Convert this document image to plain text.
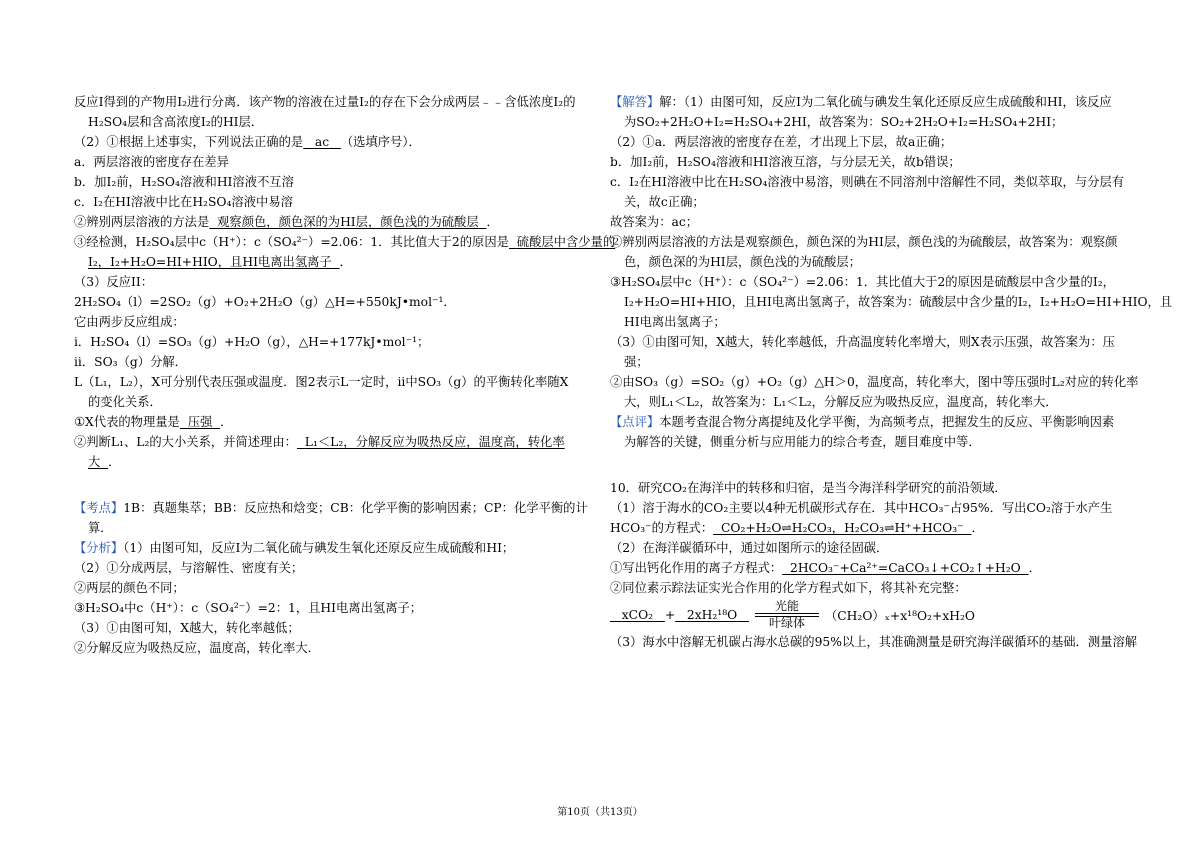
反应I得到的产物用I₂进行分离．该产物的溶液在过量I₂的存在下会分成两层﹣﹣含低浓度I₂的
H₂SO₄层和含高浓度I₂的HI层．
（2）①根据上述事实，下列说法正确的是 ac （选填序号）．
a．两层溶液的密度存在差异
b．加I₂前，H₂SO₄溶液和HI溶液不互溶
c．I₂在HI溶液中比在H₂SO₄溶液中易溶
②辨别两层溶液的方法是 观察颜色，颜色深的为HI层，颜色浅的为硫酸层 ．
③经检测，H₂SO₄层中c（H⁺）：c（SO₄²⁻）=2.06：1．其比值大于2的原因是 硫酸层中含少量的
I₂，I₂+H₂O=HI+HIO，且HI电离出氢离子 ．
（3）反应II：
2H₂SO₄（l）=2SO₂（g）+O₂+2H₂O（g）△H=+550kJ•mol⁻¹．
它由两步反应组成：
i．H₂SO₄（l）=SO₃（g）+H₂O（g），△H=+177kJ•mol⁻¹；
ii．SO₃（g）分解．
L（L₁，L₂），X可分别代表压强或温度．图2表示L一定时，ii中SO₃（g）的平衡转化率随X
的变化关系．
①X代表的物理量是 压强 ．
②判断L₁、L₂的大小关系，并简述理由： L₁＜L₂，分解反应为吸热反应，温度高，转化率
大 ．
【考点】1B：真题集萃；BB：反应热和焓变；CB：化学平衡的影响因素；CP：化学平衡的计
算．
【分析】（1）由图可知，反应I为二氧化硫与碘发生氧化还原反应生成硫酸和HI；
（2）①分成两层，与溶解性、密度有关；
②两层的颜色不同；
③H₂SO₄中c（H⁺）：c（SO₄²⁻）=2：1，且HI电离出氢离子；
（3）①由图可知，X越大，转化率越低；
②分解反应为吸热反应，温度高，转化率大．
【解答】解：（1）由图可知，反应I为二氧化硫与碘发生氧化还原反应生成硫酸和HI，该反应
为SO₂+2H₂O+I₂=H₂SO₄+2HI，故答案为：SO₂+2H₂O+I₂=H₂SO₄+2HI；
（2）①a．两层溶液的密度存在差，才出现上下层，故a正确；
b．加I₂前，H₂SO₄溶液和HI溶液互溶，与分层无关，故b错误；
c．I₂在HI溶液中比在H₂SO₄溶液中易溶，则碘在不同溶剂中溶解性不同，类似萃取，与分层有
关，故c正确；
故答案为：ac；
②辨别两层溶液的方法是观察颜色，颜色深的为HI层，颜色浅的为硫酸层，故答案为：观察颜
色，颜色深的为HI层，颜色浅的为硫酸层；
③H₂SO₄层中c（H⁺）：c（SO₄²⁻）=2.06：1．其比值大于2的原因是硫酸层中含少量的I₂，
I₂+H₂O=HI+HIO，且HI电离出氢离子，故答案为：硫酸层中含少量的I₂，I₂+H₂O=HI+HIO，且
HI电离出氢离子；
（3）①由图可知，X越大，转化率越低，升高温度转化率增大，则X表示压强，故答案为：压
强；
②由SO₃（g）=SO₂（g）+O₂（g）△H＞0，温度高，转化率大，图中等压强时L₂对应的转化率
大，则L₁＜L₂，故答案为：L₁＜L₂，分解反应为吸热反应，温度高，转化率大．
【点评】本题考查混合物分离提纯及化学平衡，为高频考点，把握发生的反应、平衡影响因素
为解答的关键，侧重分析与应用能力的综合考查，题目难度中等．
10．研究CO₂在海洋中的转移和归宿，是当今海洋科学研究的前沿领域．
（1）溶于海水的CO₂主要以4种无机碳形式存在．其中HCO₃⁻占95%．写出CO₂溶于水产生
HCO₃⁻的方程式： CO₂+H₂O⇌H₂CO₃，H₂CO₃⇌H⁺+HCO₃⁻ ．
（2）在海洋碳循环中，通过如图所示的途径固碳．
①写出钙化作用的离子方程式： 2HCO₃⁻+Ca²⁺=CaCO₃↓+CO₂↑+H₂O ．
②同位素示踪法证实光合作用的化学方程式如下，将其补充完整：
xCO₂ + 2xH₂¹⁸O
光能
叶绿体 （CH₂O）ₓ+x¹⁸O₂+xH₂O
（3）海水中溶解无机碳占海水总碳的95%以上，其准确测量是研究海洋碳循环的基础．测量溶解
第10页（共13页）
